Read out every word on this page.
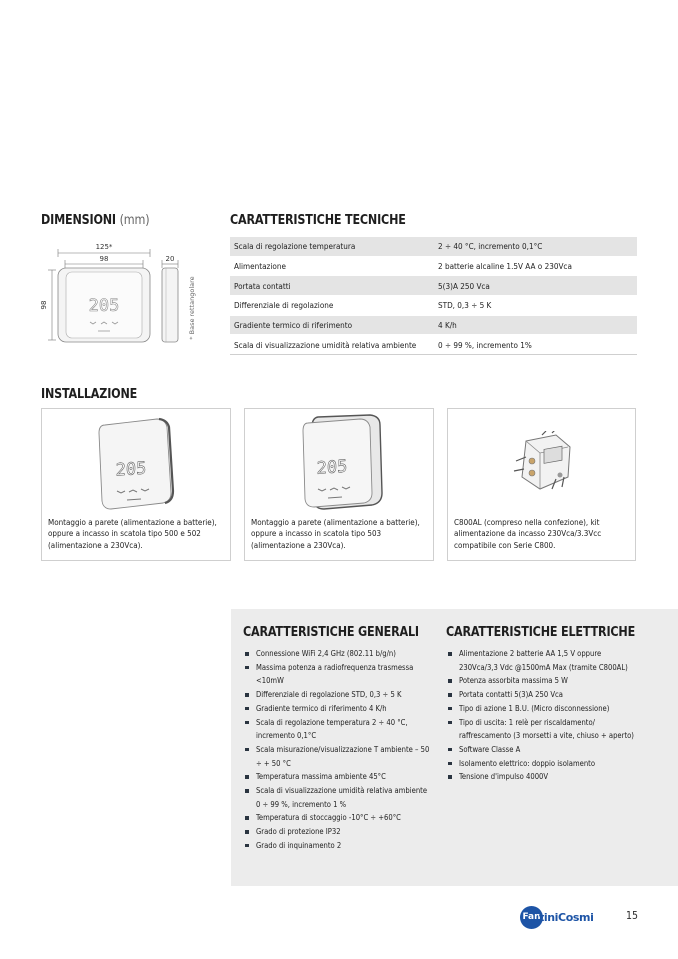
DIMENSIONI (mm)
205
125*
98	20
98	* Base rettangolare
CARATTERISTICHE TECNICHE
Scala di regolazione temperatura	2 ÷ 40 °C, incremento 0,1°C
Alimentazione	2 batterie alcaline 1.5V AA o 230Vca
Portata contatti	5(3)A 250 Vca
Differenziale di regolazione	STD, 0,3 ÷ 5 K
Gradiente termico di riferimento	4 K/h
Scala di visualizzazione umidità relativa ambiente	0 ÷ 99 %, incremento 1%
INSTALLAZIONE
205
Montaggio a parete (alimentazione a batterie), oppure a incasso in scatola tipo 500 e 502 (alimentazione a 230Vca).
205
Montaggio a parete (alimentazione a batterie), oppure a incasso in scatola tipo 503 (alimentazione a 230Vca).
C800AL (compreso nella confezione), kit alimentazione da incasso 230Vca/3.3Vcc compatibile con Serie C800.
CARATTERISTICHE GENERALI
Connessione WiFi 2,4 GHz (802.11 b/g/n)
Massima potenza a radiofrequenza trasmessa <10mW
Differenziale di regolazione STD, 0,3 ÷ 5 K
Gradiente termico di riferimento 4 K/h
Scala di regolazione temperatura 2 ÷ 40 °C, incremento 0,1°C
Scala misurazione/visualizzazione T ambiente – 50 ÷ + 50 °C
Temperatura massima ambiente 45°C
Scala di visualizzazione umidità relativa ambiente 0 ÷ 99 %, incremento 1 %
Temperatura di stoccaggio -10°C ÷ +60°C
Grado di protezione IP32
Grado di inquinamento 2
CARATTERISTICHE ELETTRICHE
Alimentazione 2 batterie AA 1,5 V oppure 230Vca/3,3 Vdc @1500mA Max (tramite C800AL)
Potenza assorbita massima 5 W
Portata contatti 5(3)A 250 Vca
Tipo di azione 1 B.U. (Micro disconnessione)
Tipo di uscita: 1 relè per riscaldamento/ raffrescamento (3 morsetti a vite, chiuso + aperto)
Software Classe A
Isolamento elettrico: doppio isolamento
Tensione d'impulso 4000V
Fan
tiniCosmi	15
